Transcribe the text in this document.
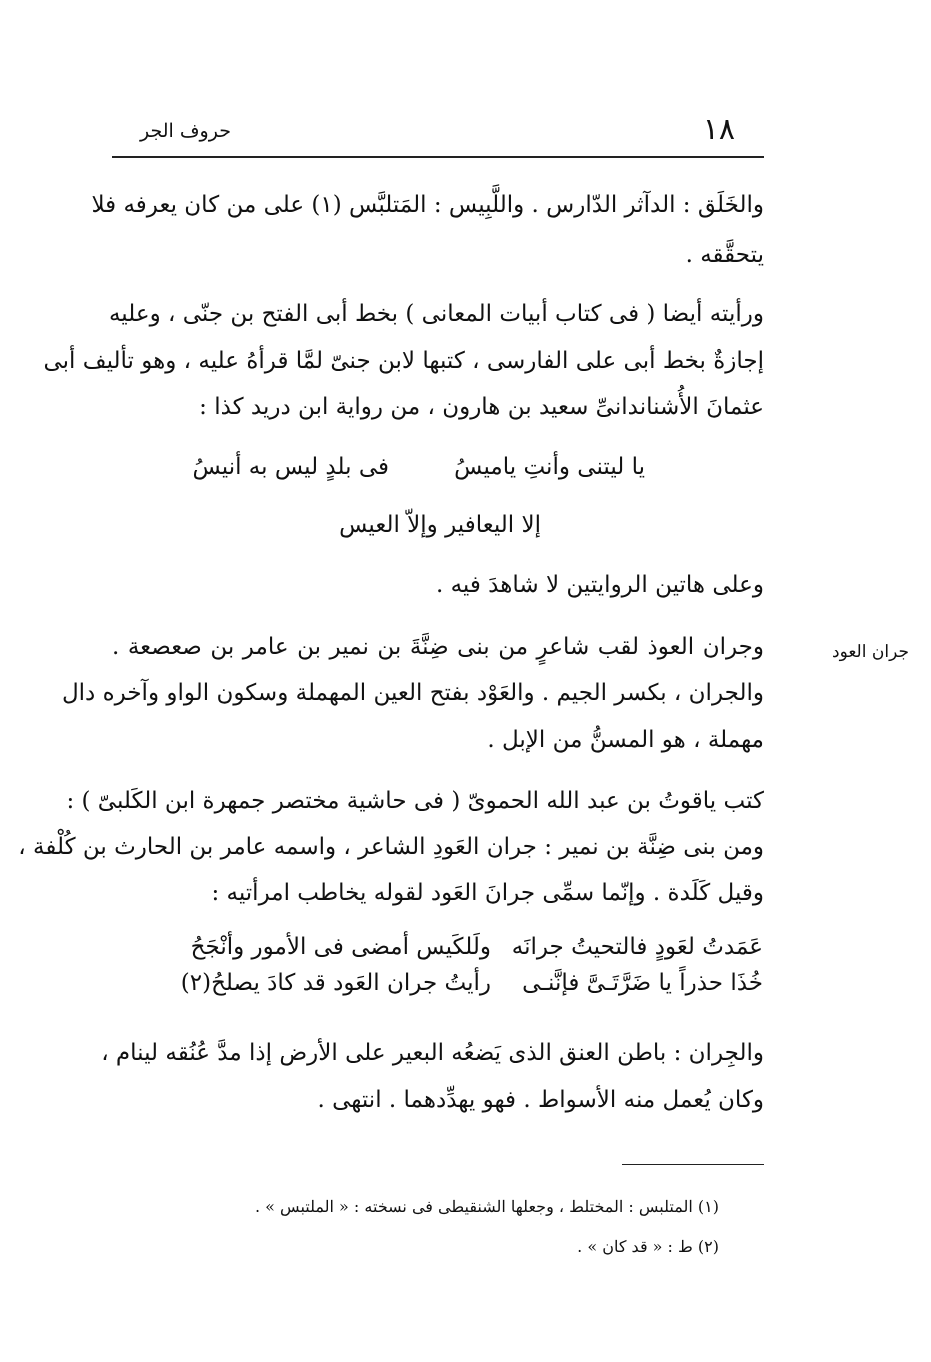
١٨
حروف الجر
والخَلَق : الدآثر الدّارس . واللَّبِيس : المَتلبَّس (١) على من كان يعرفه فلا
يتحقَّقه .
ورأيته أيضا ( فى كتاب أبيات المعانى ) بخط أبى الفتح بن جنّى ، وعليه
إجازةٌ بخط أبى على الفارسى ، كتبها لابن جنىّ لمَّا قرأهُ عليه ، وهو تأليف أبى
عثمانَ الأُشناندانىِّ سعيد بن هارون ، من رواية ابن دريد كذا :
يا ليتنى وأنتِ ياميسُ
فى بلدٍ ليس به أنيسُ
إلا اليعافير وإلاّ العيس
وعلى هاتين الروايتين لا شاهدَ فيه .
جران العود
وجران العوذ لقب شاعرٍ من بنى ضِنَّةَ بن نمير بن عامر بن صعصعة .
والجران ، بكسر الجيم . والعَوْد بفتح العين المهملة وسكون الواو وآخره دال
مهملة ، هو المسنُّ من الإبل .
كتب ياقوتُ بن عبد الله الحمویّ ( فى حاشية مختصر جمهرة ابن الكَلبىّ ) :
ومن بنى ضِنَّة بن نمير : جران العَودِ الشاعر ، واسمه عامر بن الحارث بن كُلْفة ،
وقيل كَلَدة . وإنّما سمِّى جرانَ العَود لقوله يخاطب امرأتيه :
عَمَدتُ لعَودٍ فالتحيتُ جرانَه
ولَلكَيس أمضى فى الأمور وأنْجَحُ
خُذَا حذراً يا ضَرَّتَـىَّ فإنَّنـى
رأيتُ جران العَود قد كادَ يصلحُ(٢)
والجِران : باطن العنق الذى يَضعُه البعير على الأرض إذا مدَّ عُنُقه لينام ،
وكان يُعمل منه الأسواط . فهو يهدِّدهما . انتهى .
(١) المتلبس : المختلط ، وجعلها الشنقيطى فى نسخته : « الملتبس » .
(٢) ط : « قد كان » .
